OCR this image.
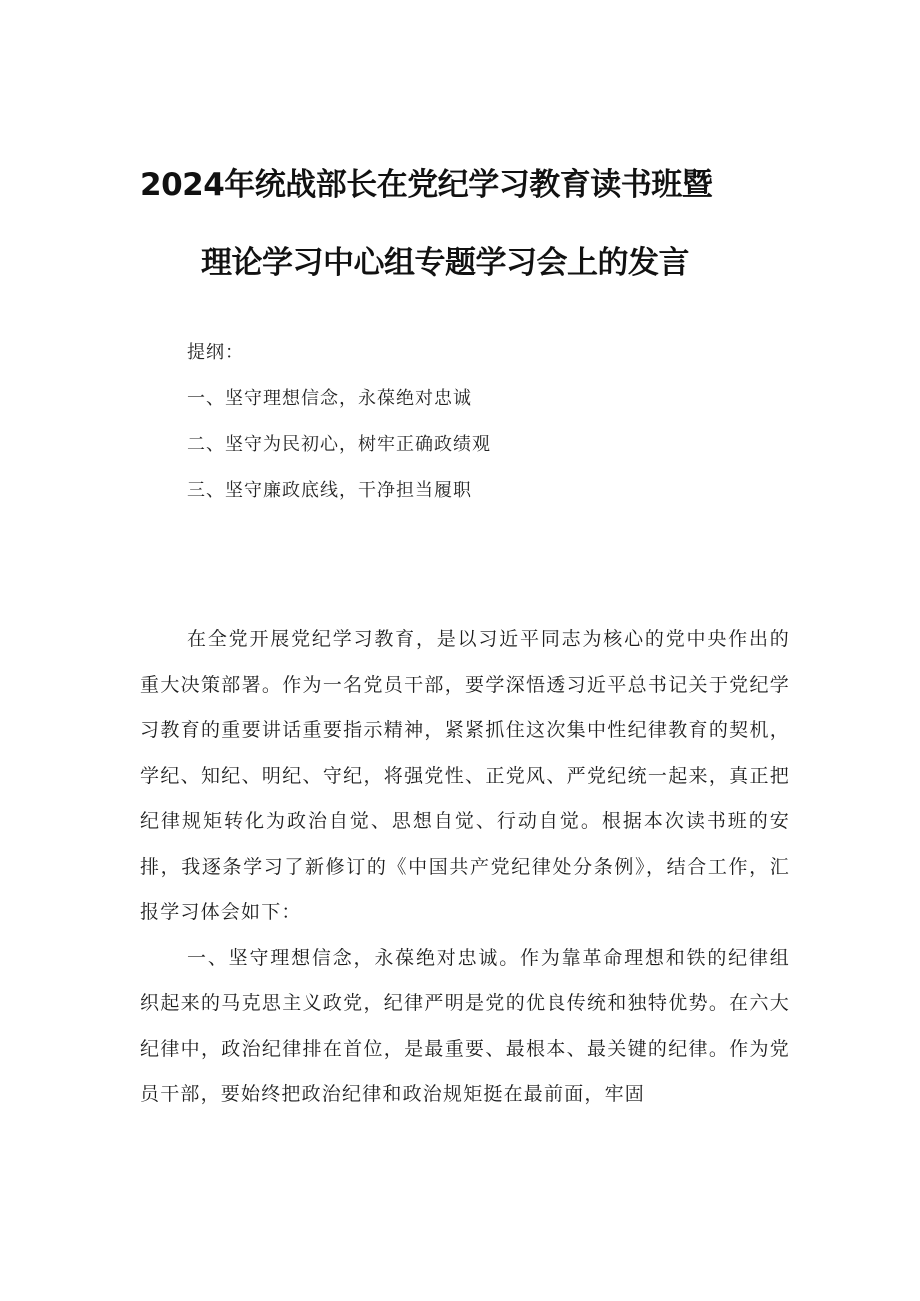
2024年统战部长在党纪学习教育读书班暨
理论学习中心组专题学习会上的发言
提纲：
一、坚守理想信念，永葆绝对忠诚
二、坚守为民初心，树牢正确政绩观
三、坚守廉政底线，干净担当履职

在全党开展党纪学习教育，是以习近平同志为核心的党中央作出的重大决策部署。作为一名党员干部，要学深悟透习近平总书记关于党纪学习教育的重要讲话重要指示精神，紧紧抓住这次集中性纪律教育的契机，学纪、知纪、明纪、守纪，将强党性、正党风、严党纪统一起来，真正把纪律规矩转化为政治自觉、思想自觉、行动自觉。根据本次读书班的安排，我逐条学习了新修订的《中国共产党纪律处分条例》，结合工作，汇报学习体会如下：

一、坚守理想信念，永葆绝对忠诚。作为靠革命理想和铁的纪律组织起来的马克思主义政党，纪律严明是党的优良传统和独特优势。在六大纪律中，政治纪律排在首位，是最重要、最根本、最关键的纪律。作为党员干部，要始终把政治纪律和政治规矩挺在最前面，牢固
